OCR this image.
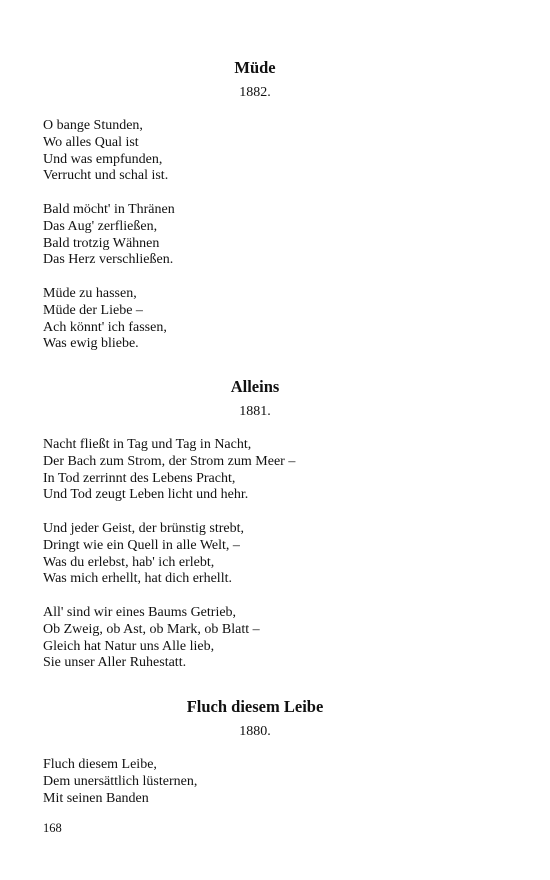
Müde
1882.
O bange Stunden,
Wo alles Qual ist
Und was empfunden,
Verrucht und schal ist.
Bald möcht' in Thränen
Das Aug' zerfließen,
Bald trotzig Wähnen
Das Herz verschließen.
Müde zu hassen,
Müde der Liebe –
Ach könnt' ich fassen,
Was ewig bliebe.
Alleins
1881.
Nacht fließt in Tag und Tag in Nacht,
Der Bach zum Strom, der Strom zum Meer –
In Tod zerrinnt des Lebens Pracht,
Und Tod zeugt Leben licht und hehr.
Und jeder Geist, der brünstig strebt,
Dringt wie ein Quell in alle Welt, –
Was du erlebst, hab' ich erlebt,
Was mich erhellt, hat dich erhellt.
All' sind wir eines Baums Getrieb,
Ob Zweig, ob Ast, ob Mark, ob Blatt –
Gleich hat Natur uns Alle lieb,
Sie unser Aller Ruhestatt.
Fluch diesem Leibe
1880.
Fluch diesem Leibe,
Dem unersättlich lüsternen,
Mit seinen Banden
168
